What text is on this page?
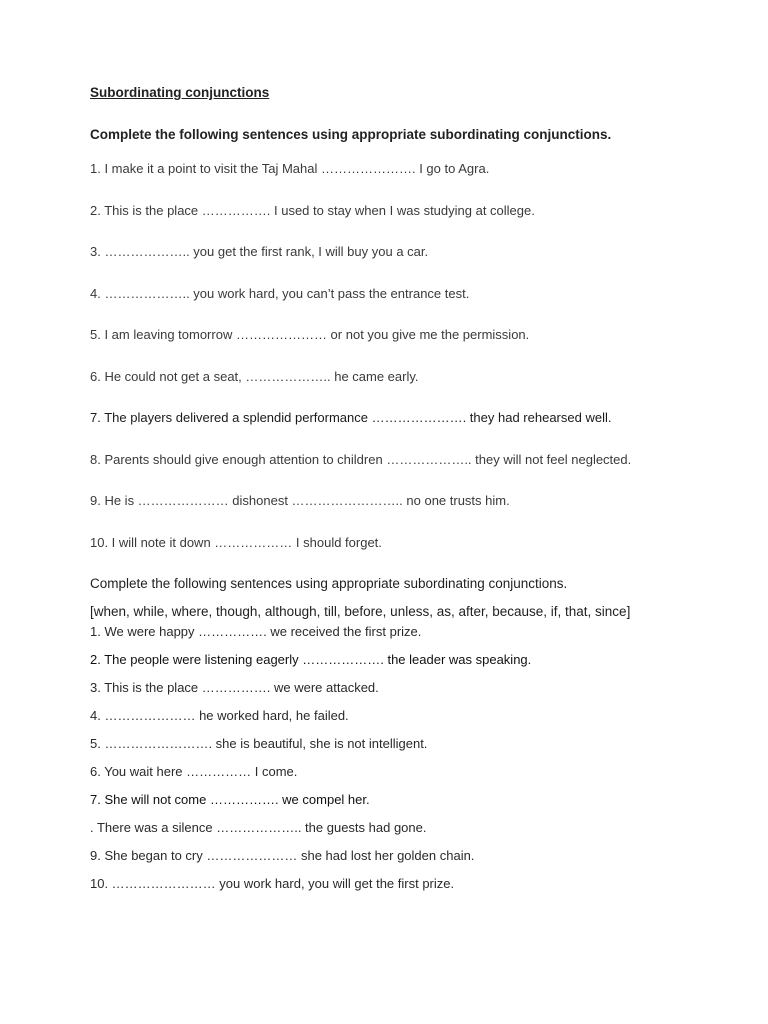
Subordinating conjunctions

Complete the following sentences using appropriate subordinating conjunctions.

1. I make it a point to visit the Taj Mahal …………………. I go to Agra.
2. This is the place ……………. I used to stay when I was studying at college.
3. ……………….. you get the first rank, I will buy you a car.
4. ……………….. you work hard, you can’t pass the entrance test.
5. I am leaving tomorrow ………………… or not you give me the permission.
6. He could not get a seat, ……………….. he came early.
7. The players delivered a splendid performance …………………. they had rehearsed well.
8. Parents should give enough attention to children ……………….. they will not feel neglected.
9. He is ………………… dishonest …………………….. no one trusts him.
10. I will note it down ……………… I should forget.

Complete the following sentences using appropriate subordinating conjunctions.

[when, while, where, though, although, till, before, unless, as, after, because, if, that, since]

1. We were happy ……………. we received the first prize.
2. The people were listening eagerly ………………. the leader was speaking.
3. This is the place ……………. we were attacked.
4. ………………… he worked hard, he failed.
5. ……………………. she is beautiful, she is not intelligent.
6. You wait here …………… I come.
7. She will not come ……………. we compel her.
. There was a silence ……………….. the guests had gone.
9. She began to cry ………………… she had lost her golden chain.
10. …………………… you work hard, you will get the first prize.
